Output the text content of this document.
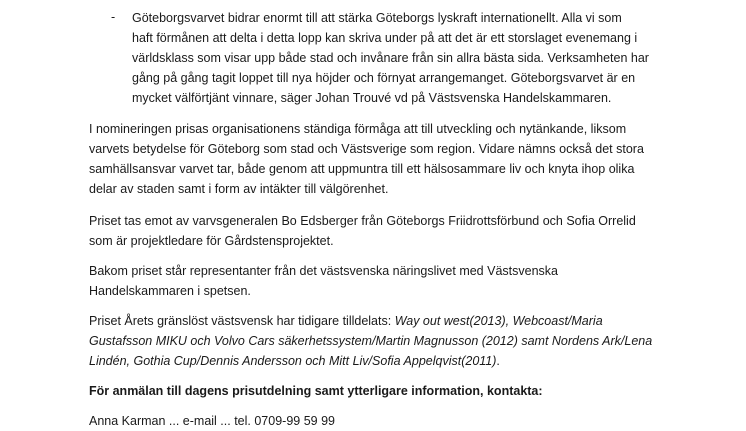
- Göteborgsvarvet bidrar enormt till att stärka Göteborgs lyskraft internationellt. Alla vi som
haft förmånen att delta i detta lopp kan skriva under på att det är ett storslaget evenemang i
världsklass som visar upp både stad och invånare från sin allra bästa sida. Verksamheten har
gång på gång tagit loppet till nya höjder och förnyat arrangemanget. Göteborgsvarvet är en
mycket välförtjänt vinnare, säger Johan Trouvé vd på Västsvenska Handelskammaren.
I nomineringen prisas organisationens ständiga förmåga att till utveckling och nytänkande, liksom
varvets betydelse för Göteborg som stad och Västsverige som region. Vidare nämns också det stora
samhällsansvar varvet tar, både genom att uppmuntra till ett hälsosammare liv och knyta ihop olika
delar av staden samt i form av intäkter till välgörenhet.
Priset tas emot av varvsgeneralen Bo Edsberger från Göteborgs Friidrottsförbund och Sofia Orrelid
som är projektledare för Gårdstensprojektet.
Bakom priset står representanter från det västsvenska näringslivet med Västsvenska
Handelskammaren i spetsen.
Priset Årets gränslöst västsvensk har tidigare tilldelats: Way out west(2013), Webcoast/Maria
Gustafsson MIKU och Volvo Cars säkerhetssystem/Martin Magnusson (2012) samt Nordens Ark/Lena
Lindén, Gothia Cup/Dennis Andersson och Mitt Liv/Sofia Appelqvist(2011).
För anmälan till dagens prisutdelning samt ytterligare information, kontakta:
Anna Karman ... e-mail ... tel. 0709-99 59 99
